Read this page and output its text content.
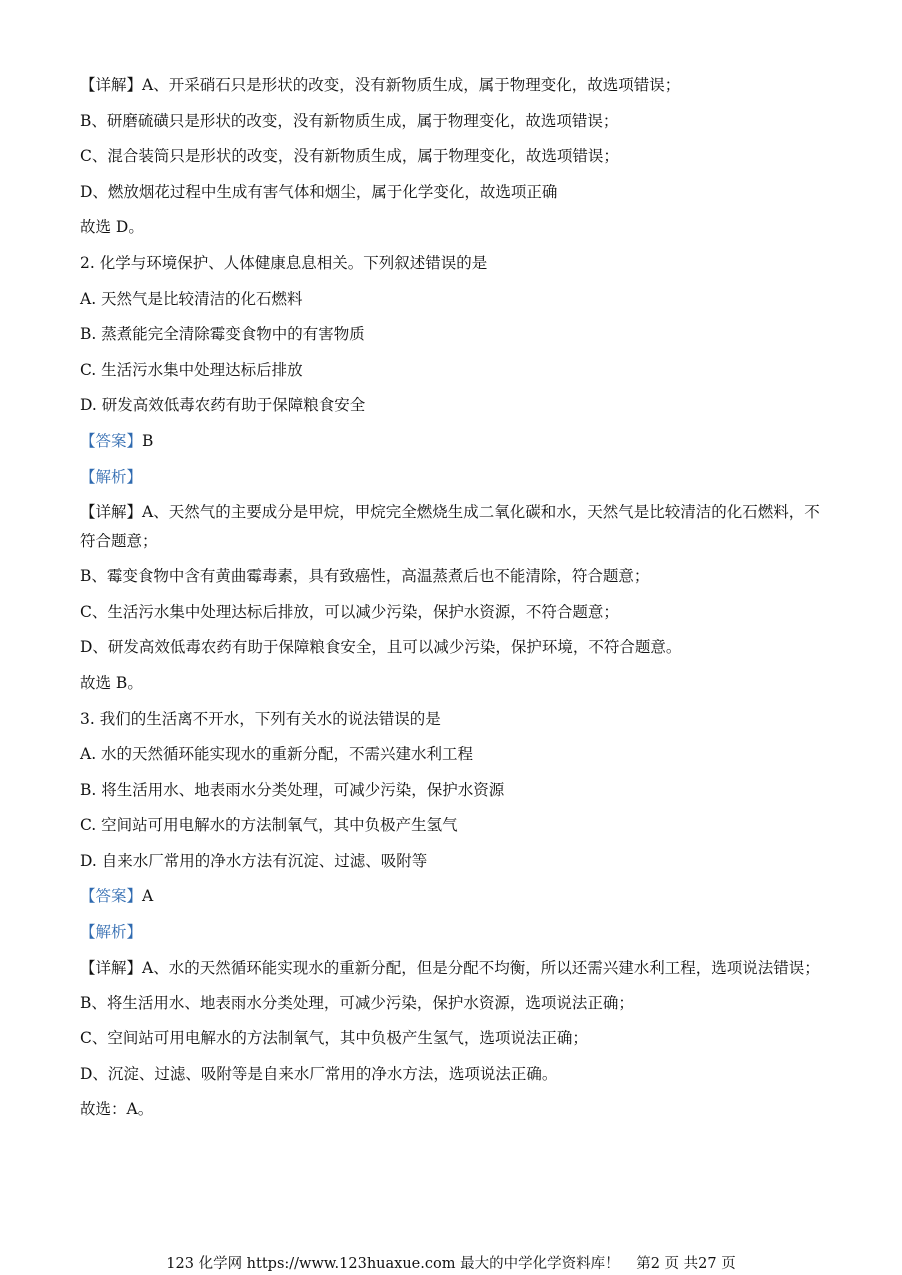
【详解】A、开采硝石只是形状的改变，没有新物质生成，属于物理变化，故选项错误；
B、研磨硫磺只是形状的改变，没有新物质生成，属于物理变化，故选项错误；
C、混合装筒只是形状的改变，没有新物质生成，属于物理变化，故选项错误；
D、燃放烟花过程中生成有害气体和烟尘，属于化学变化，故选项正确
故选 D。
2. 化学与环境保护、人体健康息息相关。下列叙述错误的是
A. 天然气是比较清洁的化石燃料
B. 蒸煮能完全清除霉变食物中的有害物质
C. 生活污水集中处理达标后排放
D. 研发高效低毒农药有助于保障粮食安全
【答案】B
【解析】
【详解】A、天然气的主要成分是甲烷，甲烷完全燃烧生成二氧化碳和水，天然气是比较清洁的化石燃料，不符合题意；
B、霉变食物中含有黄曲霉毒素，具有致癌性，高温蒸煮后也不能清除，符合题意；
C、生活污水集中处理达标后排放，可以减少污染，保护水资源，不符合题意；
D、研发高效低毒农药有助于保障粮食安全，且可以减少污染，保护环境，不符合题意。
故选 B。
3. 我们的生活离不开水，下列有关水的说法错误的是
A. 水的天然循环能实现水的重新分配，不需兴建水利工程
B. 将生活用水、地表雨水分类处理，可减少污染，保护水资源
C. 空间站可用电解水的方法制氧气，其中负极产生氢气
D. 自来水厂常用的净水方法有沉淀、过滤、吸附等
【答案】A
【解析】
【详解】A、水的天然循环能实现水的重新分配，但是分配不均衡，所以还需兴建水利工程，选项说法错误；
B、将生活用水、地表雨水分类处理，可减少污染，保护水资源，选项说法正确；
C、空间站可用电解水的方法制氧气，其中负极产生氢气，选项说法正确；
D、沉淀、过滤、吸附等是自来水厂常用的净水方法，选项说法正确。
故选：A。
123 化学网 https://www.123huaxue.com 最大的中学化学资料库！ 第2 页 共27 页
